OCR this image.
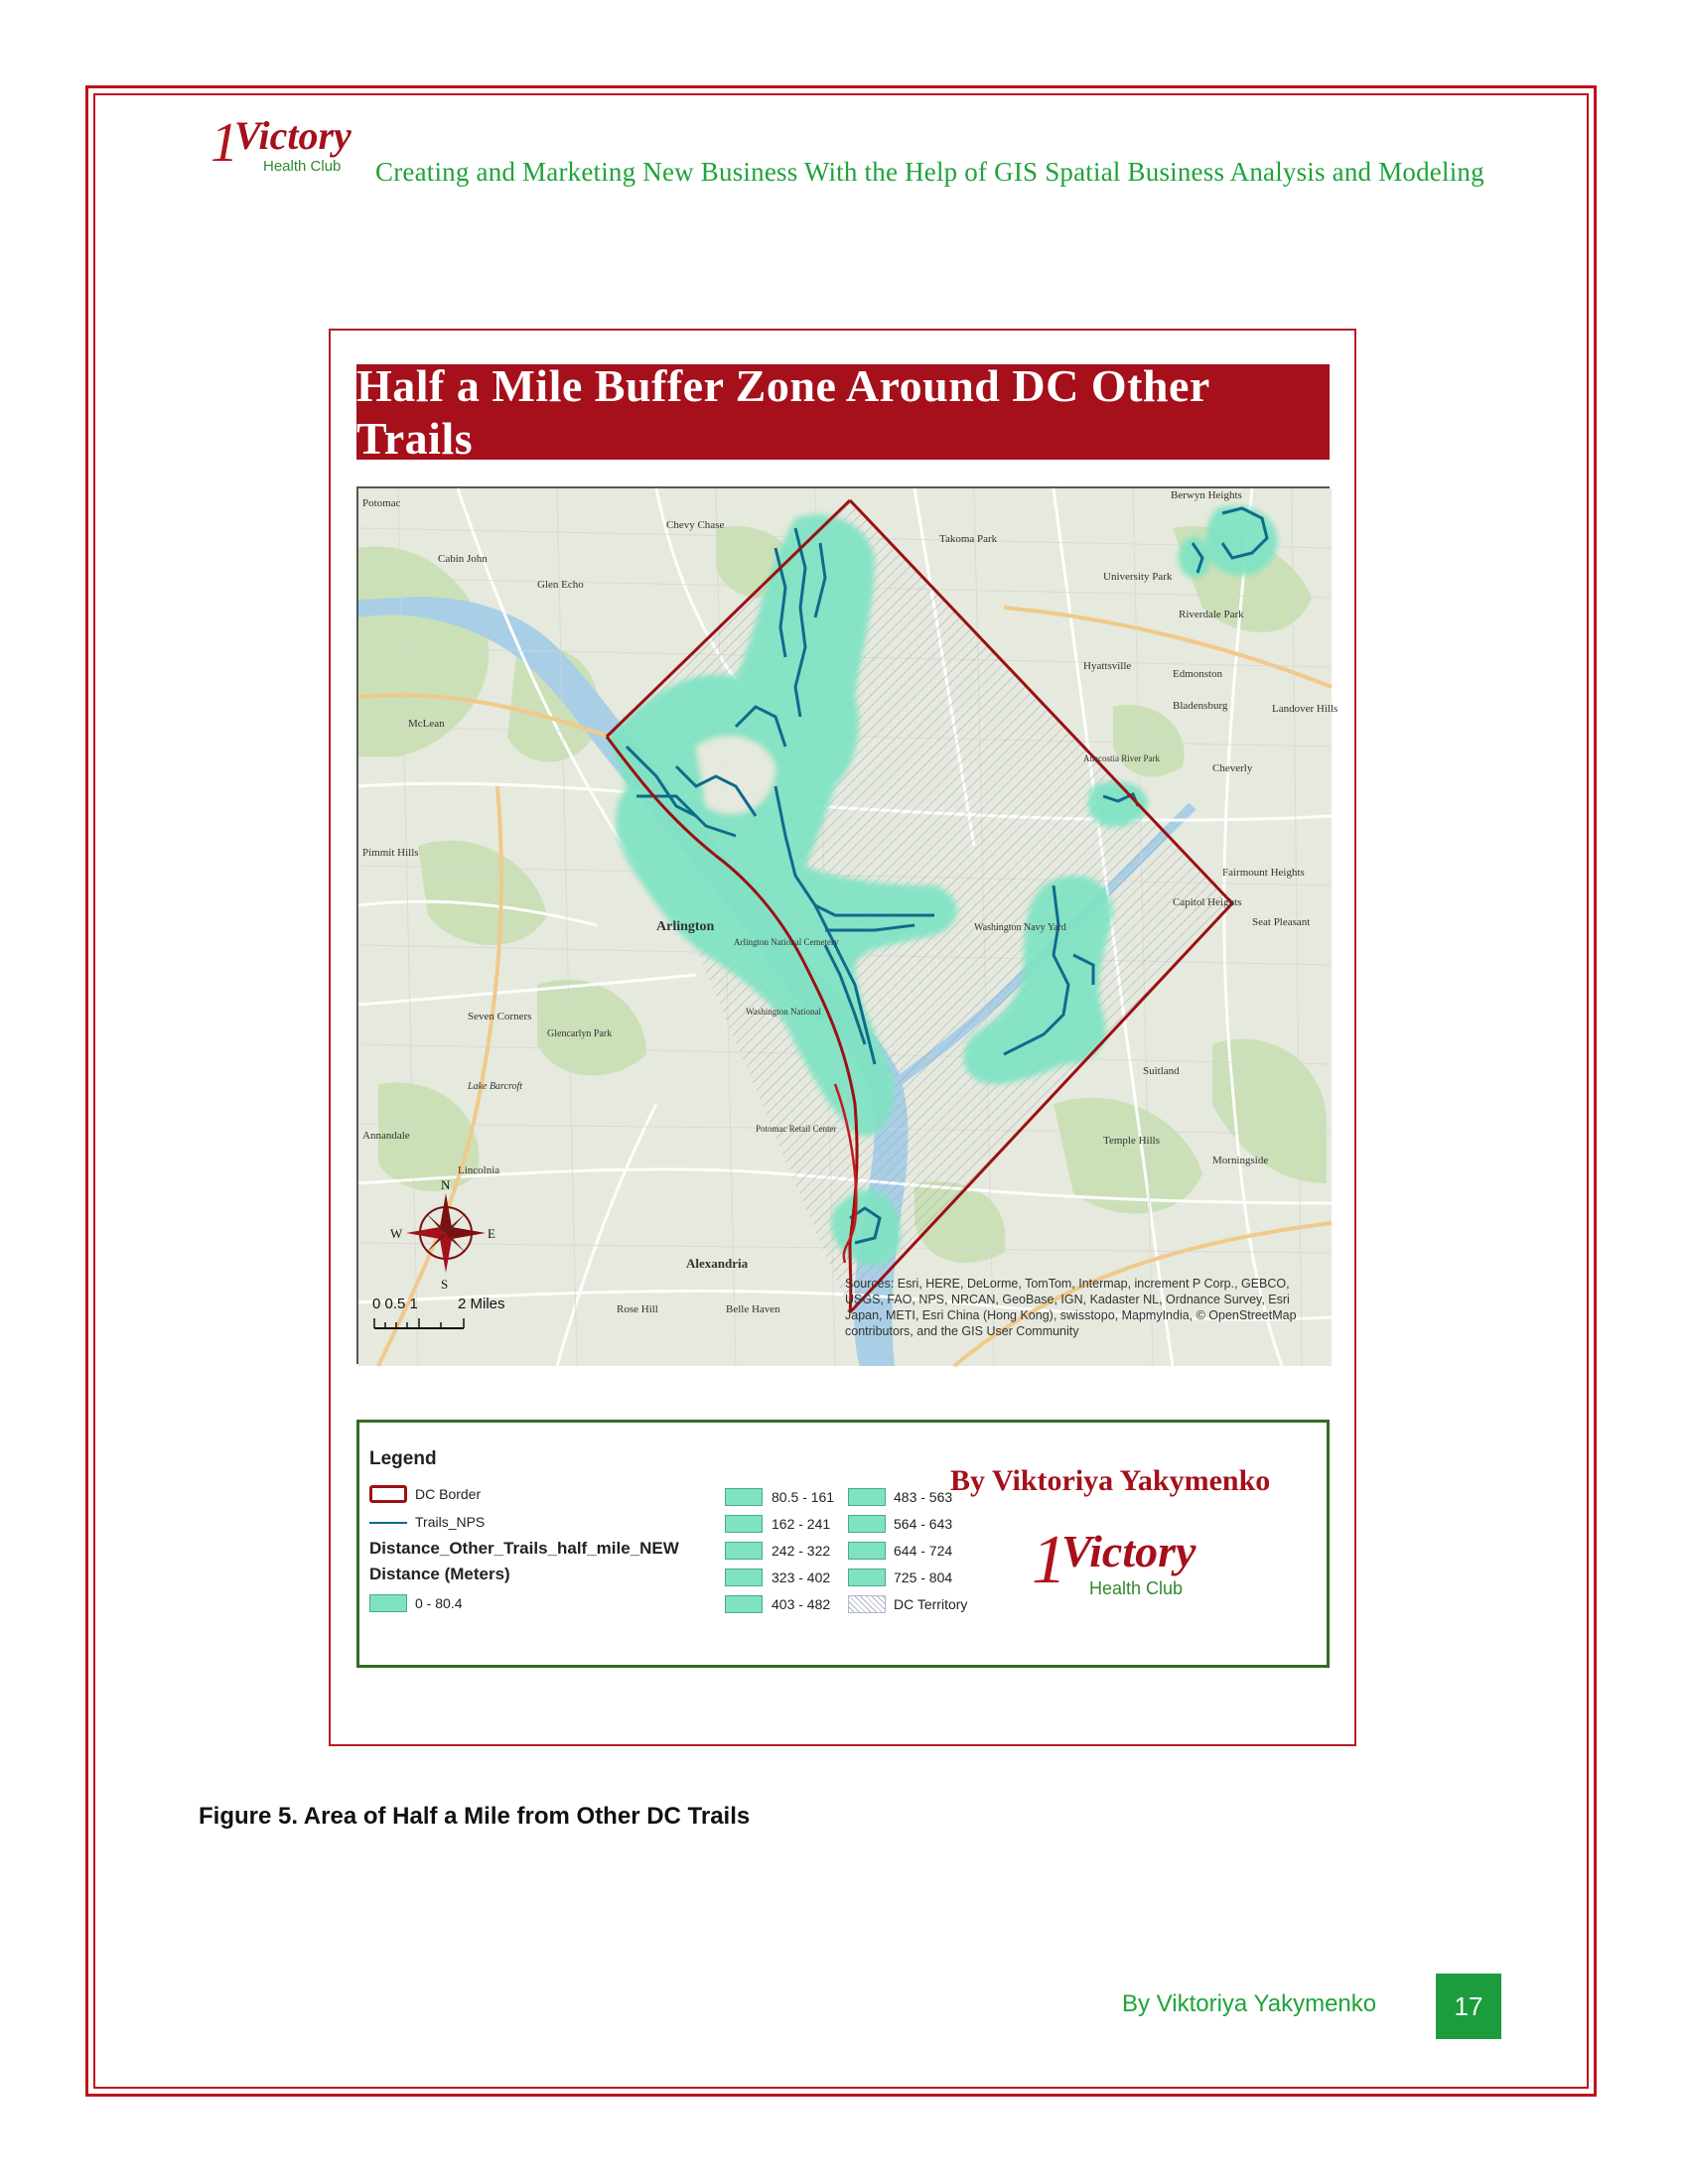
1
Victory
Health Club Creating and Marketing New Business With the Help of GIS Spatial Business Analysis and Modeling
Half a Mile Buffer Zone Around DC Other Trails
Potomac
Cabin John
Glen Echo
Chevy Chase
Takoma Park
University Park
Berwyn Heights
Riverdale Park
Hyattsville
Edmonston
Bladensburg	Landover Hills
Cheverly
McLean
Pimmit Hills
Arlington
Seven Corners
Fairmount Heights
Capitol Heights
Seat Pleasant
Suitland
Temple Hills
Morningside
Lincolnia
Alexandria
Rose Hill	Belle Haven
Annandale
Glencarlyn Park
Lake Barcroft
Arlington National Cemetery
Washington National
Potomac Retail Center
Washington Navy Yard
Anacostia River Park
N
S
E
W
0 0.5 1	2 Miles
Sources: Esri, HERE, DeLorme, TomTom, Intermap, increment P Corp., GEBCO, USGS, FAO, NPS, NRCAN, GeoBase, IGN, Kadaster NL, Ordnance Survey, Esri Japan, METI, Esri China (Hong Kong), swisstopo, MapmyIndia, © OpenStreetMap contributors, and the GIS User Community
Legend
DC Border
Trails_NPS
Distance_Other_Trails_half_mile_NEW
Distance (Meters)
0 - 80.4
80.5 - 161
162 - 241
242 - 322
323 - 402
403 - 482
483 - 563
564 - 643
644 - 724
725 - 804
DC Territory
By Viktoriya Yakymenko
1
Victory
Health Club
Figure 5. Area of Half a Mile from Other DC Trails
By Viktoriya Yakymenko	17
